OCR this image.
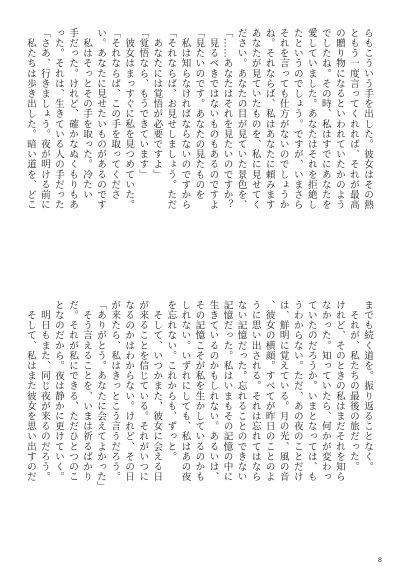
らもこういう手を出した。彼女はその熱
ともう一度言ってくれれば、それが最高
の贈り物になるといわれていたかのよう
でしたね。その時、私はすでにあなたを
愛していました。あなたはそれを拒絶し
たというのでしょう。ですが、いまさら
それを言っても仕方がないのでしょうか
ね。それならば、私はあなたに頼みます
あなたが見ていたものを、私に見せてく
ださい。あなたの目が見ていた景色を、
「……あなたはそれを見たいのですか？
　見るべきではないものもあるのですよ
「見たいのです。あなたの見たものを
　私は知らなければならないのですから
「それならば、お見せしましょう。ただ
　あなたには覚悟が必要ですよ」
「覚悟なら、もうできています」
　彼女はまっすぐに私を見つめていた。
「それならば、この手を取ってくださ
い。あなたに見せたいものがあるのです
　私はそっとその手を取った。冷たい
手だった。けれど、確かなぬくもりもあ
った。それは、生きている人の手だった
「さあ、行きましょう。夜が明ける前に
　私たちは歩き出した。暗い道を、どこ
までも続く道を。振り返ることなく。
　それが、私たちの最後の旅だった。
けれど、そのときの私はまだそれを知ら
なかった。知っていたら、何かが変わっ
ていたのだろうか。いまとなっては、も
うわからない。ただ、あの夜のことだけ
は、鮮明に覚えている。月の光、風の音
、彼女の横顔。すべてが昨日のことのよ
うに思い出される。それは忘れてはなら
ない記憶だった。忘れることのできない
記憶だった。私はいまもその記憶の中に
生きているのかもしれない。あるいは、
その記憶こそが私を生かしているのかも
しれない。いずれにしても、私はあの夜
を忘れない。これからも、ずっと。
　そして、いつかまた、彼女に会える日
が来ることを信じている。それがいつに
なるのかはわからない。けれど、その日
が来たら、私はきっとこう言うだろう。
「ありがとう。あなたに会えてよかった」
　そう言えることを、いまは祈るばかり
だ。それが私にできる、ただひとつのこ
となのだから。夜は静かに更けていく。
　明日もまた、同じ夜が来るのだろう。
　そして、私はまた彼女を思い出すのだ
8
